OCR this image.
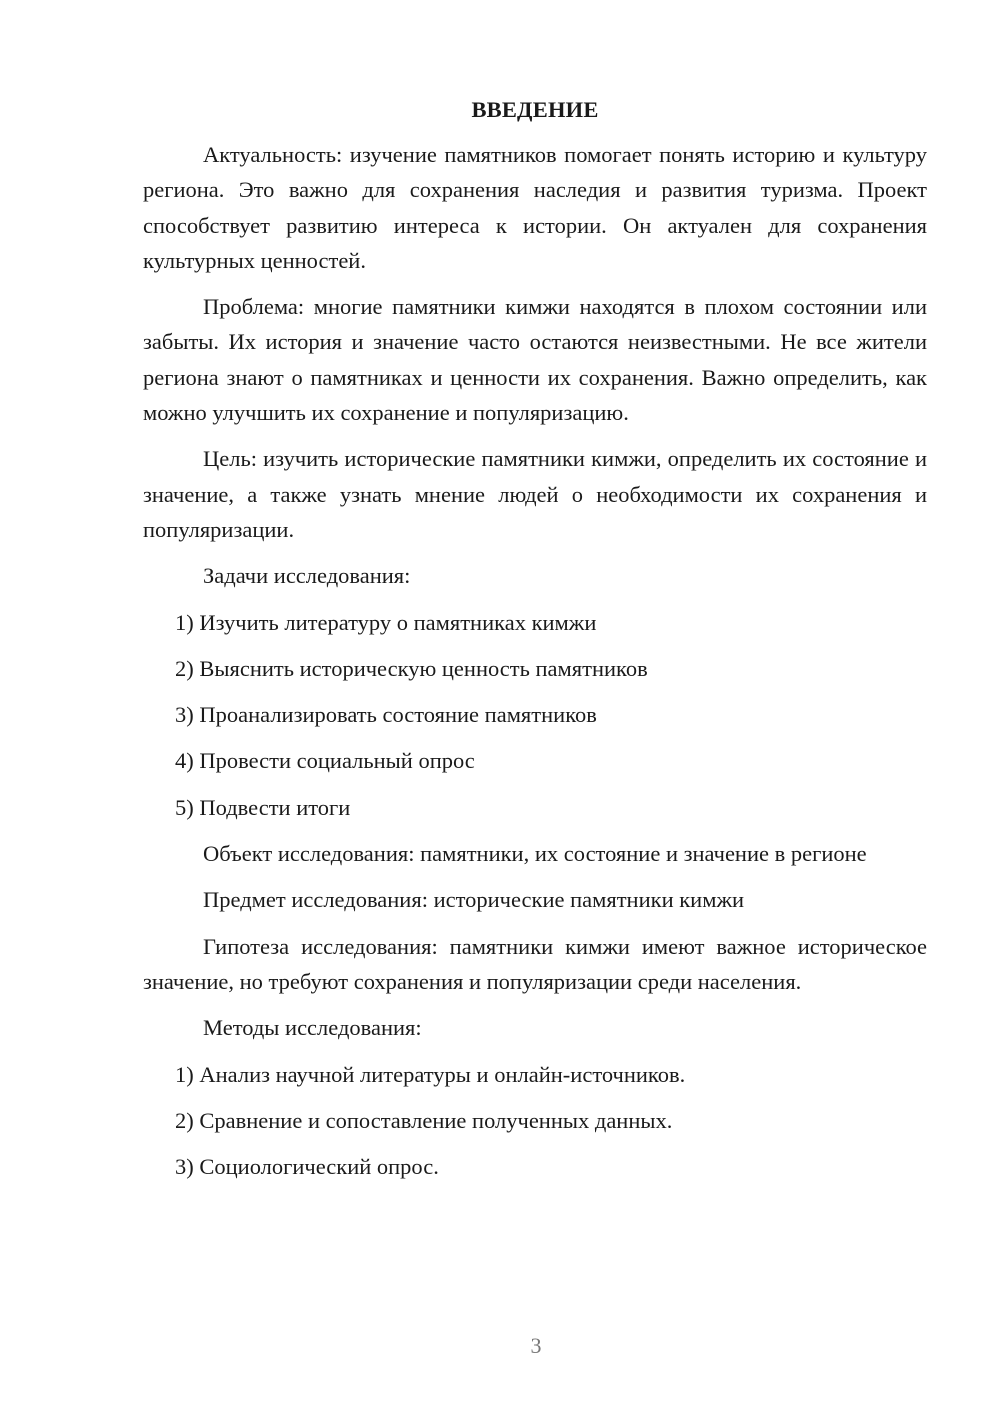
ВВЕДЕНИЕ

Актуальность: изучение памятников помогает понять историю и культуру региона. Это важно для сохранения наследия и развития туризма. Проект способствует развитию интереса к истории. Он актуален для сохранения культурных ценностей.

Проблема: многие памятники кимжи находятся в плохом состоянии или забыты. Их история и значение часто остаются неизвестными. Не все жители региона знают о памятниках и ценности их сохранения. Важно определить, как можно улучшить их сохранение и популяризацию.

Цель: изучить исторические памятники кимжи, определить их состояние и значение, а также узнать мнение людей о необходимости их сохранения и популяризации.

Задачи исследования:
1) Изучить литературу о памятниках кимжи
2) Выяснить историческую ценность памятников
3) Проанализировать состояние памятников
4) Провести социальный опрос
5) Подвести итоги

Объект исследования: памятники, их состояние и значение в регионе

Предмет исследования: исторические памятники кимжи

Гипотеза исследования: памятники кимжи имеют важное историческое значение, но требуют сохранения и популяризации среди населения.

Методы исследования:
1) Анализ научной литературы и онлайн-источников.
2) Сравнение и сопоставление полученных данных.
3) Социологический опрос.
3
